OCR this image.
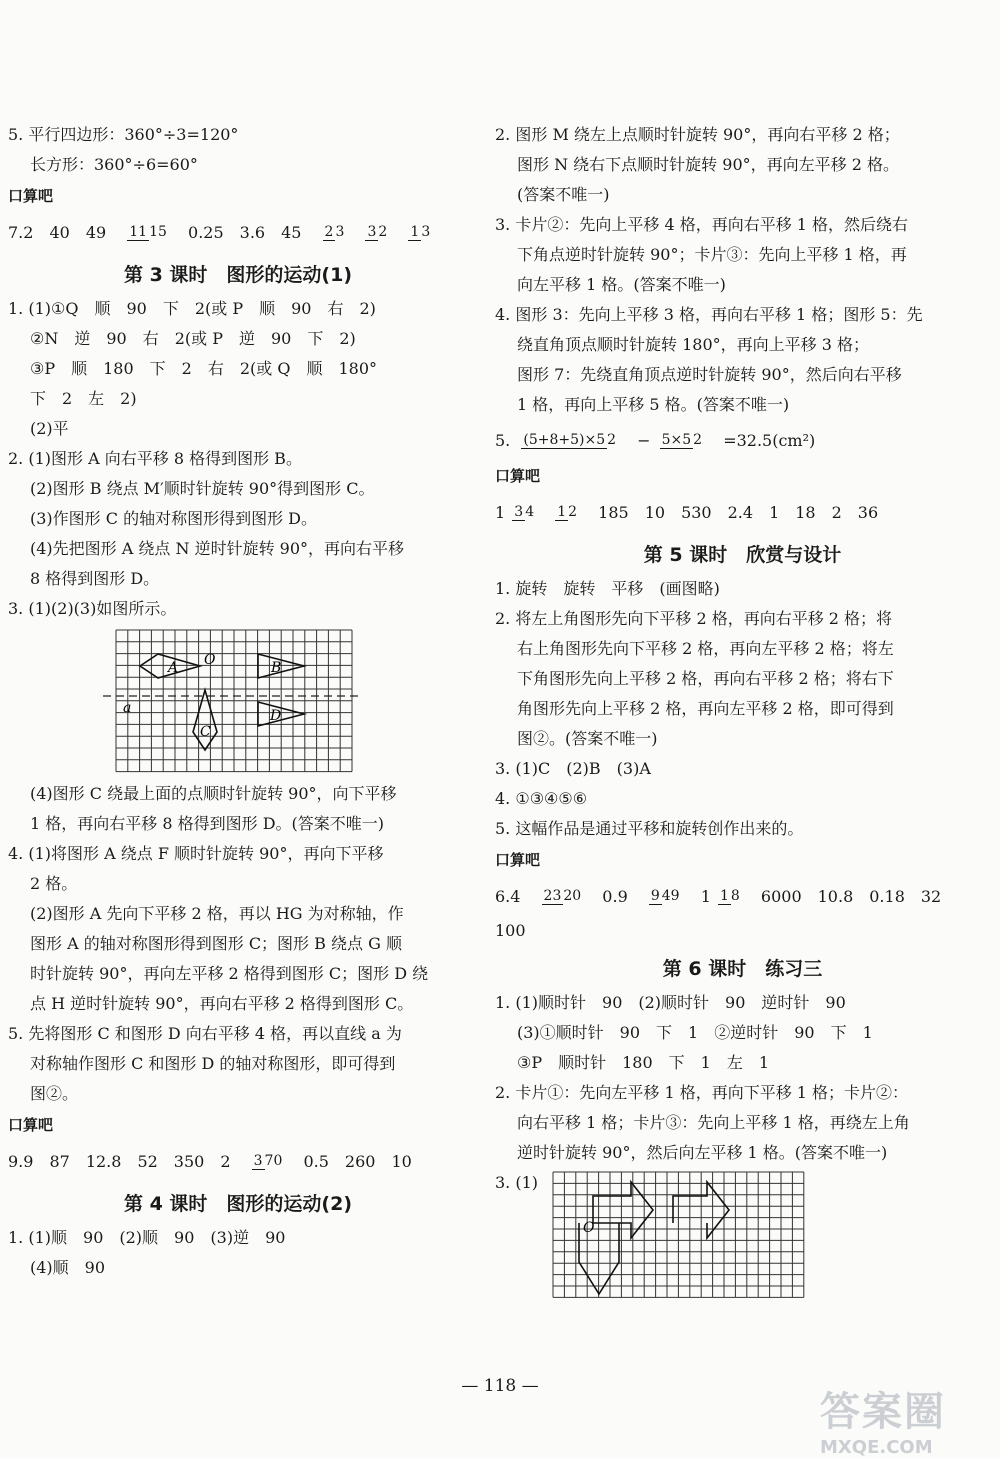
5. 平行四边形：360°÷3=120°
长方形：360°÷6=60°
口算吧
7.2 40 49 11 15 0.25 3.6 45 2 3 3 2 1 3
第 3 课时　图形的运动(1)
1. (1)①Q　顺　90　下　2(或 P　顺　90　右　2)
②N　逆　90　右　2(或 P　逆　90　下　2)
③P　顺　180　下　2　右　2(或 Q　顺　180°
下　2　左　2)
(2)平
2. (1)图形 A 向右平移 8 格得到图形 B。
(2)图形 B 绕点 M′顺时针旋转 90°得到图形 C。
(3)作图形 C 的轴对称图形得到图形 D。
(4)先把图形 A 绕点 N 逆时针旋转 90°，再向右平移
8 格得到图形 D。
3. (1)(2)(3)如图所示。
A O	B
a	D
C
(4)图形 C 绕最上面的点顺时针旋转 90°，向下平移
1 格，再向右平移 8 格得到图形 D。(答案不唯一)
4. (1)将图形 A 绕点 F 顺时针旋转 90°，再向下平移
2 格。
(2)图形 A 先向下平移 2 格，再以 HG 为对称轴，作
图形 A 的轴对称图形得到图形 C；图形 B 绕点 G 顺
时针旋转 90°，再向左平移 2 格得到图形 C；图形 D 绕
点 H 逆时针旋转 90°，再向右平移 2 格得到图形 C。
5. 先将图形 C 和图形 D 向右平移 4 格，再以直线 a 为
对称轴作图形 C 和图形 D 的轴对称图形，即可得到
图②。
口算吧
9.9 87 12.8 52 350 2 3 70 0.5 260 10
第 4 课时　图形的运动(2)
1. (1)顺　90　(2)顺　90　(3)逆　90
(4)顺　90
2. 图形 M 绕左上点顺时针旋转 90°，再向右平移 2 格；
图形 N 绕右下点顺时针旋转 90°，再向左平移 2 格。
(答案不唯一)
3. 卡片②：先向上平移 4 格，再向右平移 1 格，然后绕右
下角点逆时针旋转 90°；卡片③：先向上平移 1 格，再
向左平移 1 格。(答案不唯一)
4. 图形 3：先向上平移 3 格，再向右平移 1 格；图形 5：先
绕直角顶点顺时针旋转 180°，再向上平移 3 格；
图形 7：先绕直角顶点逆时针旋转 90°，然后向右平移
1 格，再向上平移 5 格。(答案不唯一)
5. (5+8+5)×5 2 − 5×5 2 =32.5(cm²)
口算吧
1 3 4 1 2 185 10 530 2.4 1 18 2 36
第 5 课时　欣赏与设计
1. 旋转　旋转　平移　(画图略)
2. 将左上角图形先向下平移 2 格，再向右平移 2 格；将
右上角图形先向下平移 2 格，再向左平移 2 格；将左
下角图形先向上平移 2 格，再向右平移 2 格；将右下
角图形先向上平移 2 格，再向左平移 2 格，即可得到
图②。(答案不唯一)
3. (1)C　(2)B　(3)A
4. ①③④⑤⑥
5. 这幅作品是通过平移和旋转创作出来的。
口算吧
6.4 23 20 0.9 9 49 1 1 8 6000 10.8 0.18 32
100
第 6 课时　练习三
1. (1)顺时针　90　(2)顺时针　90　逆时针　90
(3)①顺时针　90　下　1　②逆时针　90　下　1
③P　顺时针　180　下　1　左　1
2. 卡片①：先向左平移 1 格，再向下平移 1 格；卡片②：
向右平移 1 格；卡片③：先向上平移 1 格，再绕左上角
逆时针旋转 90°，然后向左平移 1 格。(答案不唯一)
3. (1)
O
— 118 —
答案圈
MXQE.COM
